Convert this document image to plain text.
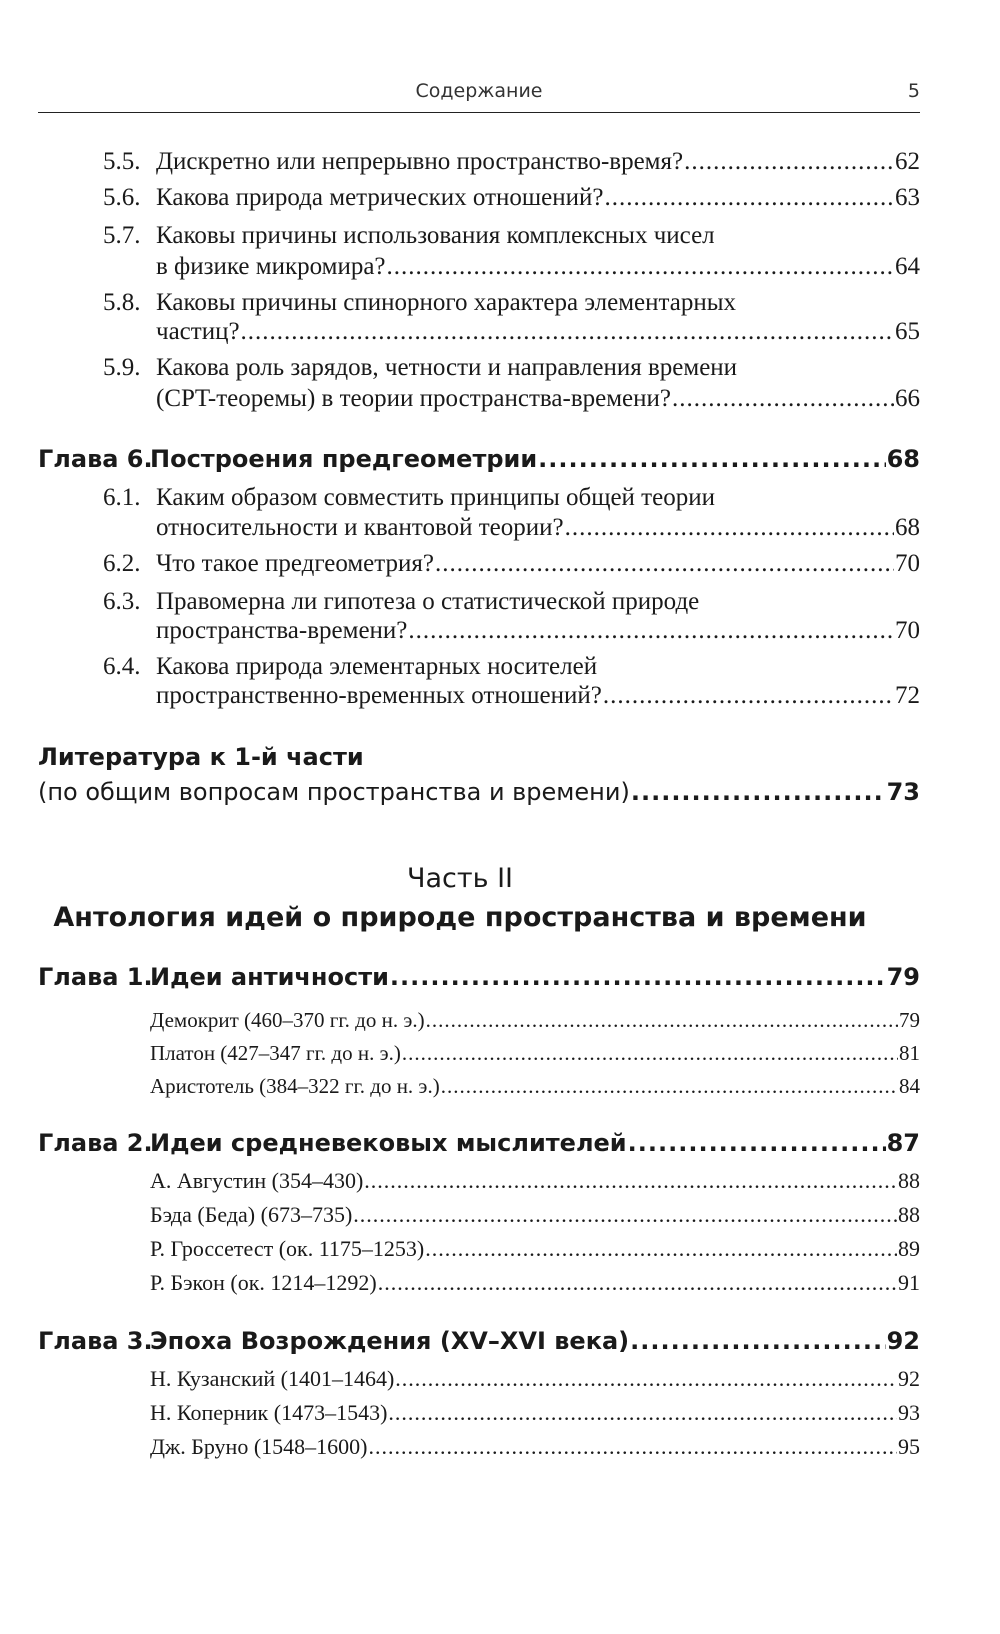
Содержание	5
5.5. Дискретно или непрерывно пространство-время? .....	62
5.6. Какова природа метрических отношений? .....	63
5.7. Каковы причины использования комплексных чисел
в физике микромира? .....	64
5.8. Каковы причины спинорного характера элементарных
частиц? .....	65
5.9. Какова роль зарядов, четности и направления времени
(CPT-теоремы) в теории пространства-времени? .....	66
Глава 6.
Построения предгеометрии .....	68
6.1. Каким образом совместить принципы общей теории
относительности и квантовой теории? .....	68
6.2. Что такое предгеометрия? .....	70
6.3. Правомерна ли гипотеза о статистической природе
пространства-времени? .....	70
6.4. Какова природа элементарных носителей
пространственно-временных отношений? .....	72
Литература к 1-й части
(по общим вопросам пространства и времени) .....	73
Часть II
Антология идей о природе пространства и времени
Глава 1.
Идеи античности .....	79
Демокрит (460–370 гг. до н. э.) .....	79
Платон (427–347 гг. до н. э.) .....	81
Аристотель (384–322 гг. до н. э.) .....	84
Глава 2.
Идеи средневековых мыслителей .....	87
А. Августин (354–430) .....	88
Бэда (Беда) (673–735) .....	88
Р. Гроссетест (ок. 1175–1253) .....	89
Р. Бэкон (ок. 1214–1292) .....	91
Глава 3.
Эпоха Возрождения (XV–XVI века) .....	92
Н. Кузанский (1401–1464) .....	92
Н. Коперник (1473–1543) .....	93
Дж. Бруно (1548–1600) .....	95
